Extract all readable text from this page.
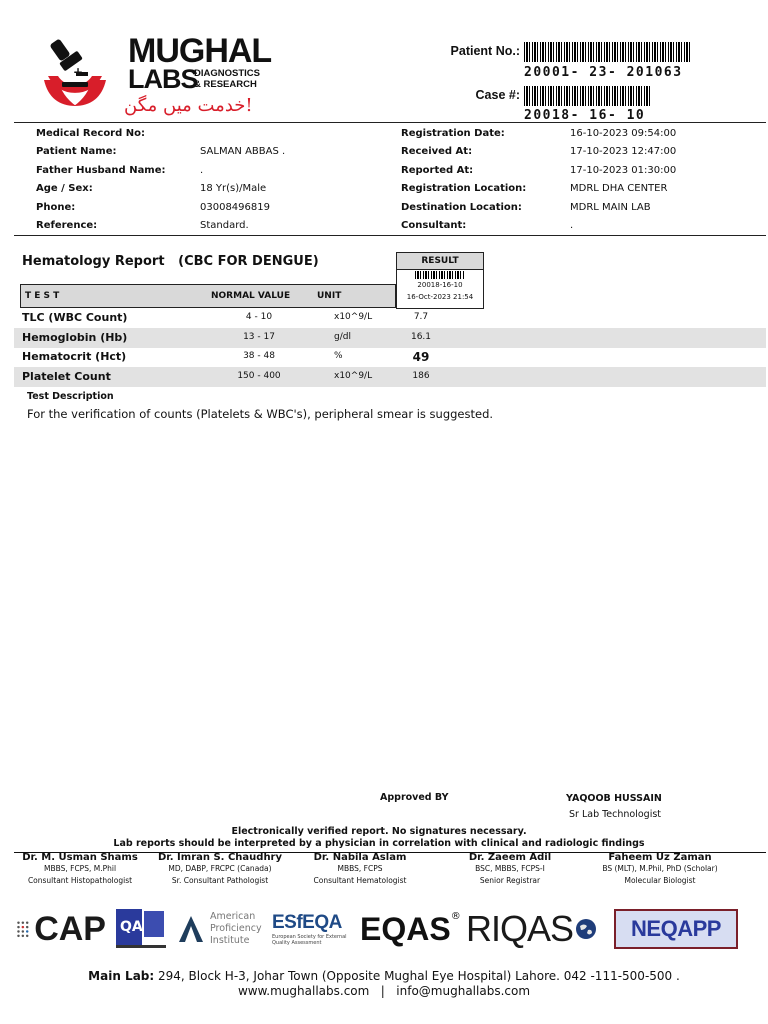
+
MUGHAL
LABS
DIAGNOSTICS
& RESEARCH
خدمت میں مگن!
Patient No.:
20001- 23- 201063
Case #:
20018- 16- 10
Medical Record No:
Patient Name:	SALMAN ABBAS .
Father Husband Name:	.
Age / Sex:	18 Yr(s)/Male
Phone:	03008496819
Reference:	Standard.
Registration Date:	16-10-2023 09:54:00
Received At:	17-10-2023 12:47:00
Reported At:	17-10-2023 01:30:00
Registration Location:	MDRL DHA CENTER
Destination Location:	MDRL MAIN LAB
Consultant:	.
Hematology Report (CBC FOR DENGUE)	RESULT
20018-16-10
16-Oct-2023 21:54
T E S T	NORMAL VALUE	UNIT
TLC (WBC Count)	4 - 10	x10^9/L	7.7
Hemoglobin (Hb)	13 - 17	g/dl	16.1
Hematocrit (Hct)	38 - 48	%	49
Platelet Count	150 - 400	x10^9/L	186
Test Description
For the verification of counts (Platelets & WBC's), peripheral smear is suggested.
Approved BY	YAQOOB HUSSAIN
Sr Lab Technologist
Electronically verified report. No signatures necessary.
Lab reports should be interpreted by a physician in correlation with clinical and radiologic findings
Dr. M. Usman Shams
MBBS, FCPS, M.Phil
Consultant Histopathologist
Dr. Imran S. Chaudhry
MD, DABP, FRCPC (Canada)
Sr. Consultant Pathologist
Dr. Nabila Aslam
MBBS, FCPS
Consultant Hematologist
Dr. Zaeem Adil
BSC, MBBS, FCPS-I
Senior Registrar
Faheem Uz Zaman
BS (MLT), M.Phil, PhD (Scholar)
Molecular Biologist
CAP QA
American
Proficiency
Institute
ESfEQA
European Society for External Quality Assessment	EQAS® RIQAS	NEQAPP
Main Lab: 294, Block H-3, Johar Town (Opposite Mughal Eye Hospital) Lahore. 042 -111-500-500 .
www.mughallabs.com | info@mughallabs.com
